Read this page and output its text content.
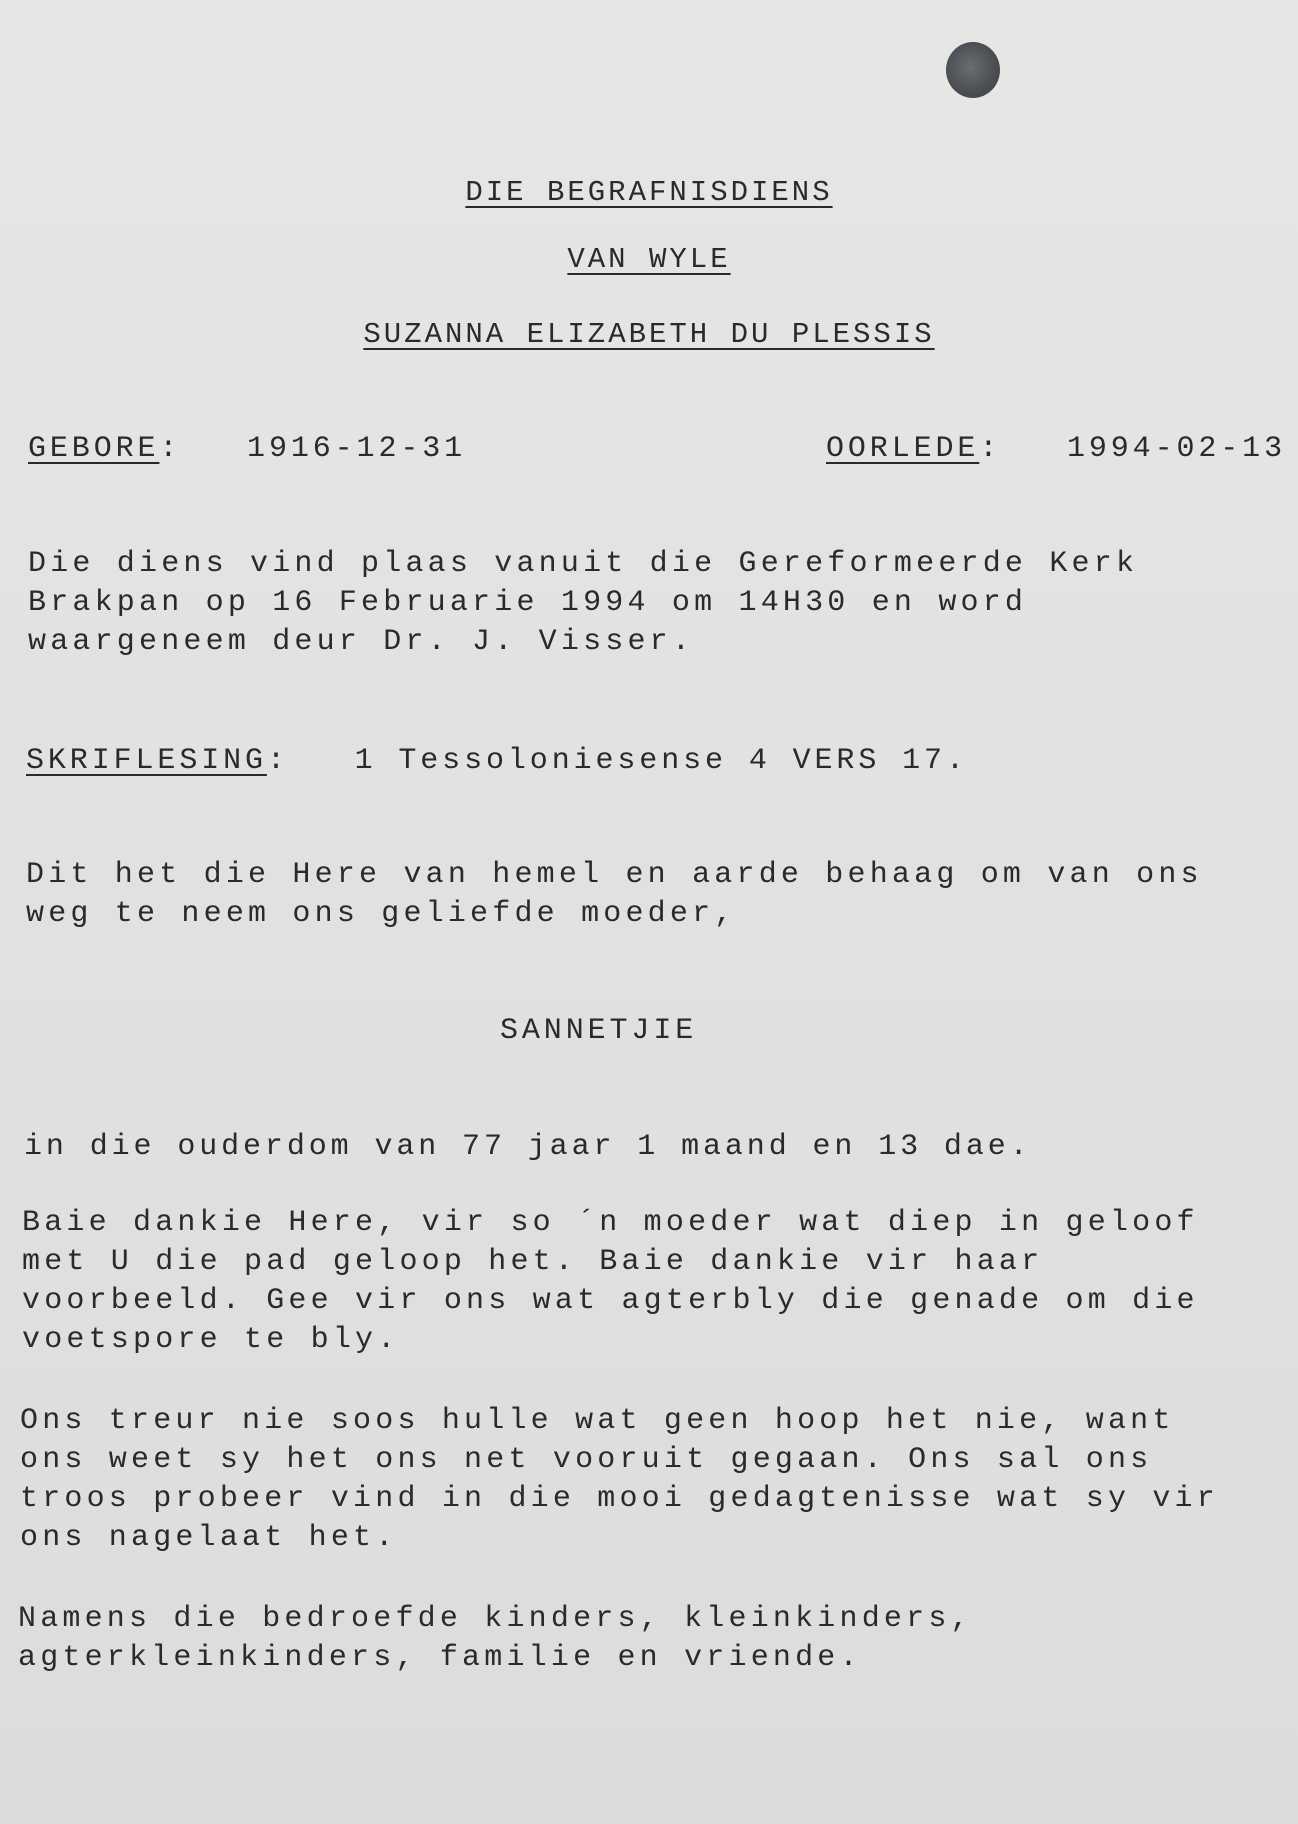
DIE BEGRAFNISDIENS
VAN WYLE
SUZANNA ELIZABETH DU PLESSIS
GEBORE: 1916-12-31	OORLEDE: 1994-02-13
Die diens vind plaas vanuit die Gereformeerde Kerk
Brakpan op 16 Februarie 1994 om 14H30 en word
waargeneem deur Dr. J. Visser.
SKRIFLESING: 1 Tessoloniesense 4 VERS 17.
Dit het die Here van hemel en aarde behaag om van ons
weg te neem ons geliefde moeder,
SANNETJIE
in die ouderdom van 77 jaar 1 maand en 13 dae.
Baie dankie Here, vir so ´n moeder wat diep in geloof
met U die pad geloop het. Baie dankie vir haar
voorbeeld. Gee vir ons wat agterbly die genade om die
voetspore te bly.
Ons treur nie soos hulle wat geen hoop het nie, want
ons weet sy het ons net vooruit gegaan. Ons sal ons
troos probeer vind in die mooi gedagtenisse wat sy vir
ons nagelaat het.
Namens die bedroefde kinders, kleinkinders,
agterkleinkinders, familie en vriende.
